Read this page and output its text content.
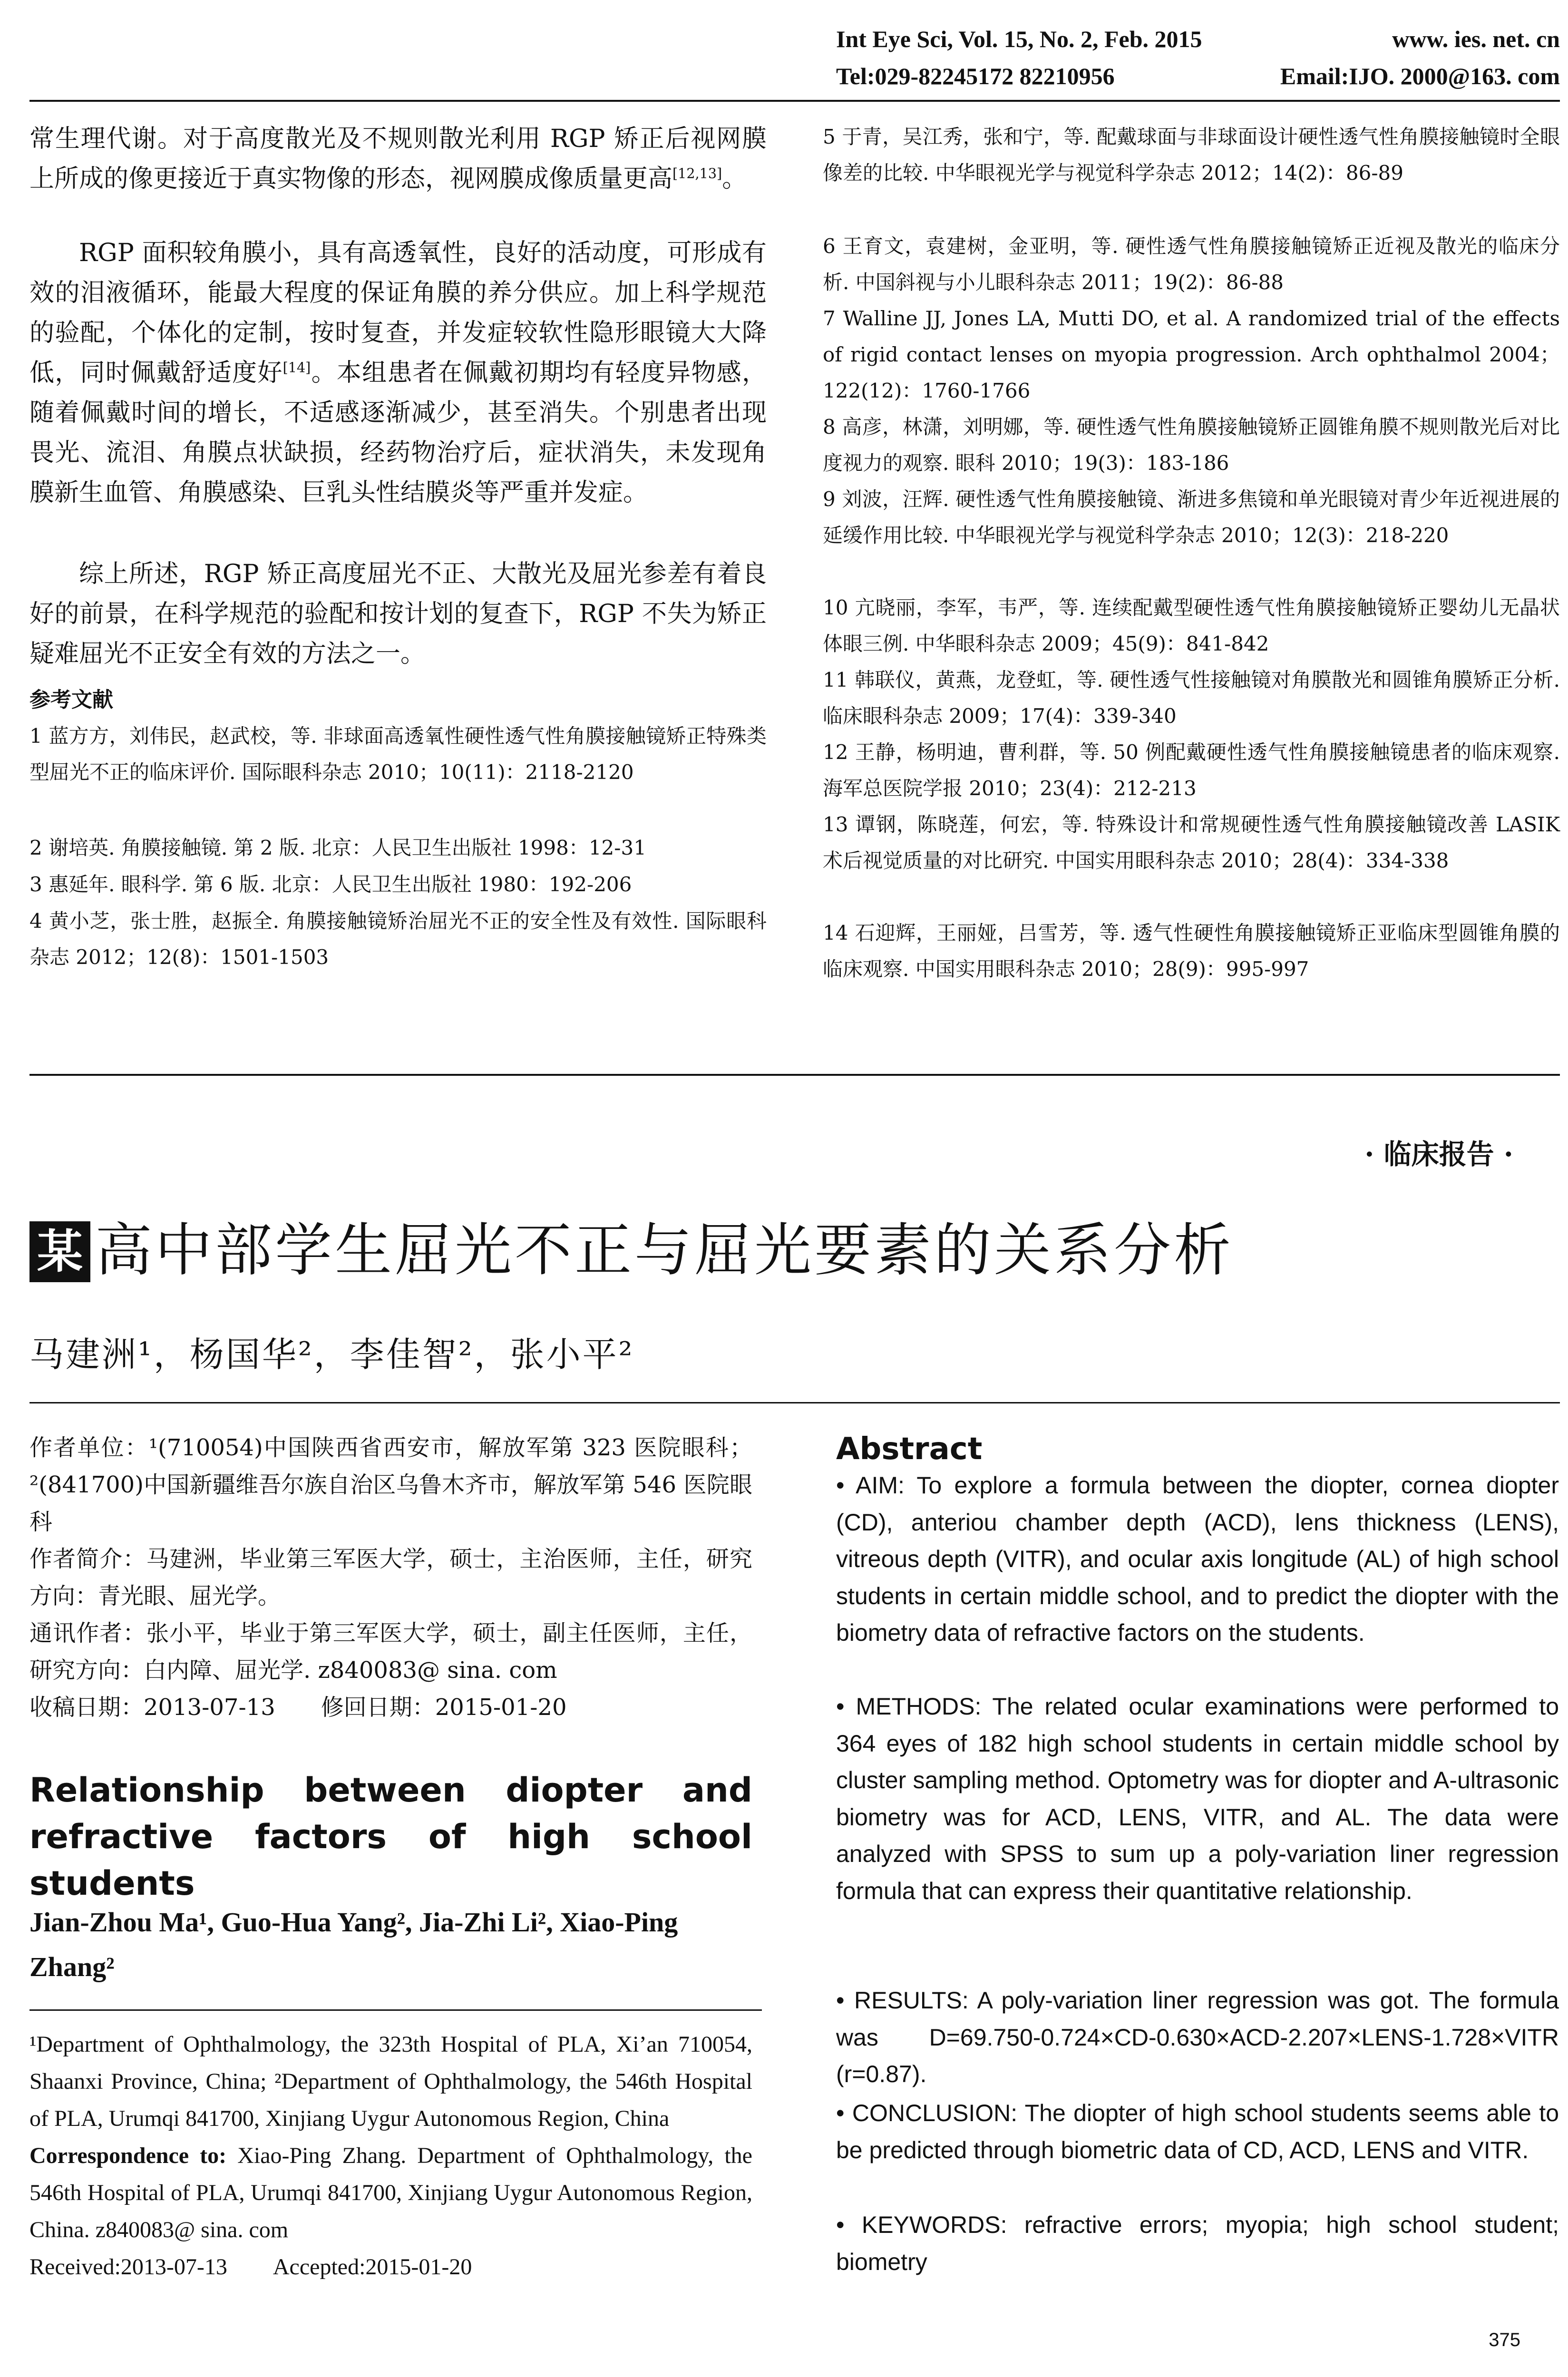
Int Eye Sci, Vol. 15, No. 2, Feb. 2015	www. ies. net. cn
Tel:029-82245172 82210956	Email:IJO. 2000@163. com

常生理代谢。对于高度散光及不规则散光利用 RGP 矫正后视网膜上所成的像更接近于真实物像的形态，视网膜成像质量更高[12,13]。

RGP 面积较角膜小，具有高透氧性，良好的活动度，可形成有效的泪液循环，能最大程度的保证角膜的养分供应。加上科学规范的验配，个体化的定制，按时复查，并发症较软性隐形眼镜大大降低，同时佩戴舒适度好[14]。本组患者在佩戴初期均有轻度异物感，随着佩戴时间的增长，不适感逐渐减少，甚至消失。个别患者出现畏光、流泪、角膜点状缺损，经药物治疗后，症状消失，未发现角膜新生血管、角膜感染、巨乳头性结膜炎等严重并发症。

综上所述，RGP 矫正高度屈光不正、大散光及屈光参差有着良好的前景，在科学规范的验配和按计划的复查下，RGP 不失为矫正疑难屈光不正安全有效的方法之一。

参考文献

1 蓝方方，刘伟民，赵武校，等. 非球面高透氧性硬性透气性角膜接触镜矫正特殊类型屈光不正的临床评价. 国际眼科杂志 2010；10(11)：2118-2120

2 谢培英. 角膜接触镜. 第 2 版. 北京：人民卫生出版社 1998：12-31

3 惠延年. 眼科学. 第 6 版. 北京：人民卫生出版社 1980：192-206

4 黄小芝，张士胜，赵振全. 角膜接触镜矫治屈光不正的安全性及有效性. 国际眼科杂志 2012；12(8)：1501-1503

5 于青，吴江秀，张和宁，等. 配戴球面与非球面设计硬性透气性角膜接触镜时全眼像差的比较. 中华眼视光学与视觉科学杂志 2012；14(2)：86-89

6 王育文，袁建树，金亚明，等. 硬性透气性角膜接触镜矫正近视及散光的临床分析. 中国斜视与小儿眼科杂志 2011；19(2)：86-88

7 Walline JJ, Jones LA, Mutti DO, et al. A randomized trial of the effects of rigid contact lenses on myopia progression. Arch ophthalmol 2004；122(12)：1760-1766

8 高彦，林潇，刘明娜，等. 硬性透气性角膜接触镜矫正圆锥角膜不规则散光后对比度视力的观察. 眼科 2010；19(3)：183-186

9 刘波，汪辉. 硬性透气性角膜接触镜、渐进多焦镜和单光眼镜对青少年近视进展的延缓作用比较. 中华眼视光学与视觉科学杂志 2010；12(3)：218-220

10 亢晓丽，李军，韦严，等. 连续配戴型硬性透气性角膜接触镜矫正婴幼儿无晶状体眼三例. 中华眼科杂志 2009；45(9)：841-842

11 韩联仪，黄燕，龙登虹，等. 硬性透气性接触镜对角膜散光和圆锥角膜矫正分析. 临床眼科杂志 2009；17(4)：339-340

12 王静，杨明迪，曹利群，等. 50 例配戴硬性透气性角膜接触镜患者的临床观察. 海军总医院学报 2010；23(4)：212-213

13 谭钢，陈晓莲，何宏，等. 特殊设计和常规硬性透气性角膜接触镜改善 LASIK 术后视觉质量的对比研究. 中国实用眼科杂志 2010；28(4)：334-338

14 石迎辉，王丽娅，吕雪芳，等. 透气性硬性角膜接触镜矫正亚临床型圆锥角膜的临床观察. 中国实用眼科杂志 2010；28(9)：995-997

· 临床报告 ·
某 高中部学生屈光不正与屈光要素的关系分析
马建洲¹，杨国华²，李佳智²，张小平²

作者单位：¹(710054)中国陕西省西安市，解放军第 323 医院眼科；²(841700)中国新疆维吾尔族自治区乌鲁木齐市，解放军第 546 医院眼科

作者简介：马建洲，毕业第三军医大学，硕士，主治医师，主任，研究方向：青光眼、屈光学。

通讯作者：张小平，毕业于第三军医大学，硕士，副主任医师，主任，研究方向：白内障、屈光学. z840083@ sina. com

收稿日期：2013-07-13　　修回日期：2015-01-20

Relationship between diopter and refractive factors of high school students

Jian-Zhou Ma¹, Guo-Hua Yang², Jia-Zhi Li², Xiao-Ping Zhang²

¹Department of Ophthalmology, the 323th Hospital of PLA, Xi’an 710054, Shaanxi Province, China; ²Department of Ophthalmology, the 546th Hospital of PLA, Urumqi 841700, Xinjiang Uygur Autonomous Region, China
Correspondence to: Xiao-Ping Zhang. Department of Ophthalmology, the 546th Hospital of PLA, Urumqi 841700, Xinjiang Uygur Autonomous Region, China. z840083@ sina. com
Received:2013-07-13　　Accepted:2015-01-20
Abstract

• AIM: To explore a formula between the diopter, cornea diopter (CD), anteriou chamber depth (ACD), lens thickness (LENS), vitreous depth (VITR), and ocular axis longitude (AL) of high school students in certain middle school, and to predict the diopter with the biometry data of refractive factors on the students.

• METHODS: The related ocular examinations were performed to 364 eyes of 182 high school students in certain middle school by cluster sampling method. Optometry was for diopter and A-ultrasonic biometry was for ACD, LENS, VITR, and AL. The data were analyzed with SPSS to sum up a poly-variation liner regression formula that can express their quantitative relationship.

• RESULTS: A poly-variation liner regression was got. The formula was D=69.750-0.724×CD-0.630×ACD-2.207×LENS-1.728×VITR (r=0.87).

• CONCLUSION: The diopter of high school students seems able to be predicted through biometric data of CD, ACD, LENS and VITR.

• KEYWORDS: refractive errors; myopia; high school student; biometry

375
